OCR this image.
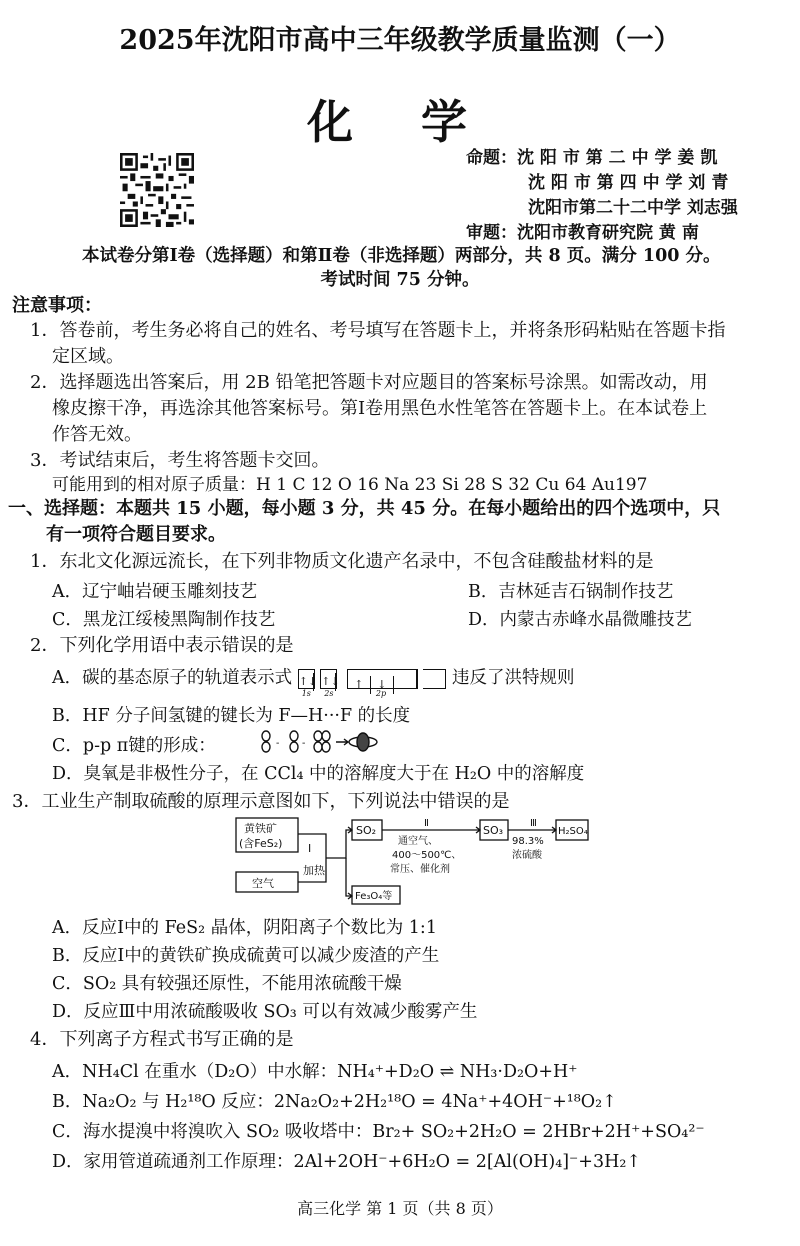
2025年沈阳市高中三年级教学质量监测（一）
化 学
命题：沈 阳 市 第 二 中 学 姜 凯
沈 阳 市 第 四 中 学 刘 青
沈阳市第二十二中学 刘志强
审题：沈阳市教育研究院 黄 南
本试卷分第Ⅰ卷（选择题）和第Ⅱ卷（非选择题）两部分，共 8 页。满分 100 分。
考试时间 75 分钟。
注意事项：
1．答卷前，考生务必将自己的姓名、考号填写在答题卡上，并将条形码粘贴在答题卡指
定区域。
2．选择题选出答案后，用 2B 铅笔把答题卡对应题目的答案标号涂黑。如需改动，用
橡皮擦干净，再选涂其他答案标号。第Ⅰ卷用黑色水性笔答在答题卡上。在本试卷上
作答无效。
3．考试结束后，考生将答题卡交回。
可能用到的相对原子质量：H 1 C 12 O 16 Na 23 Si 28 S 32 Cu 64 Au197
一、选择题：本题共 15 小题，每小题 3 分，共 45 分。在每小题给出的四个选项中，只
有一项符合题目要求。
1．东北文化源远流长，在下列非物质文化遗产名录中，不包含硅酸盐材料的是
A．辽宁岫岩硬玉雕刻技艺	B．吉林延吉石锅制作技艺
C．黑龙江绥棱黑陶制作技艺	D．内蒙古赤峰水晶微雕技艺
2．下列化学用语中表示错误的是
A．碳的基态原子的轨道表示式 ↑↓
1s
↑↓
2s
↑ ↓
2p
违反了洪特规则
B．HF 分子间氢键的键长为 F—H···F 的长度
C．p-p π键的形成：	- -
D．臭氧是非极性分子，在 CCl₄ 中的溶解度大于在 H₂O 中的溶解度
3．工业生产制取硫酸的原理示意图如下，下列说法中错误的是
黄铁矿
(含FeS₂)
空气
Ⅰ
加热
SO₂
Ⅱ
通空气、
400～500℃、
常压、催化剂
SO₃
Ⅲ
98.3%
浓硫酸
H₂SO₄
Fe₃O₄等
A．反应Ⅰ中的 FeS₂ 晶体，阴阳离子个数比为 1:1
B．反应Ⅰ中的黄铁矿换成硫黄可以减少废渣的产生
C．SO₂ 具有较强还原性，不能用浓硫酸干燥
D．反应Ⅲ中用浓硫酸吸收 SO₃ 可以有效减少酸雾产生
4．下列离子方程式书写正确的是
A．NH₄Cl 在重水（D₂O）中水解：NH₄⁺+D₂O ⇌ NH₃·D₂O+H⁺
B．Na₂O₂ 与 H₂¹⁸O 反应：2Na₂O₂+2H₂¹⁸O = 4Na⁺+4OH⁻+¹⁸O₂↑
C．海水提溴中将溴吹入 SO₂ 吸收塔中：Br₂+ SO₂+2H₂O = 2HBr+2H⁺+SO₄²⁻
D．家用管道疏通剂工作原理：2Al+2OH⁻+6H₂O = 2[Al(OH)₄]⁻+3H₂↑
高三化学 第 1 页（共 8 页）
